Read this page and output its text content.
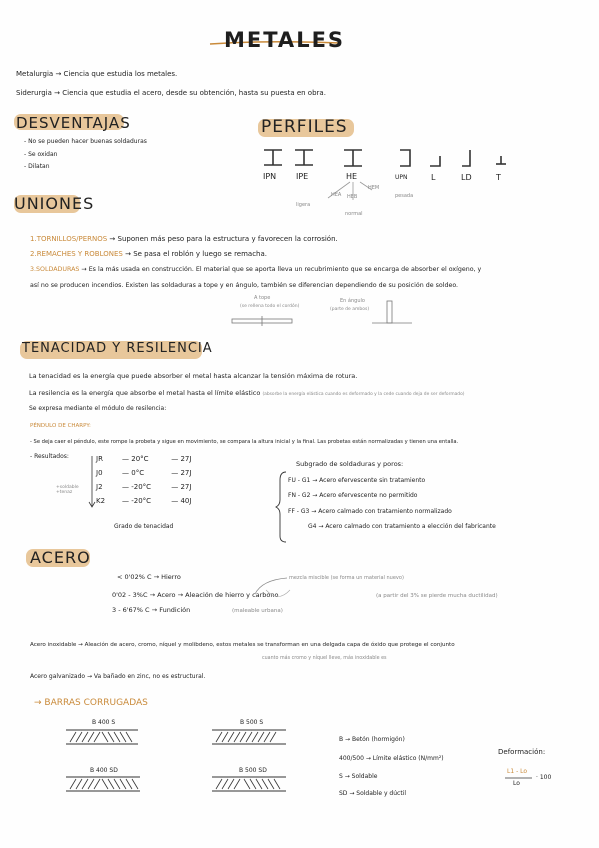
METALES
Metalurgia → Ciencia que estudia los metales.
Siderurgia → Ciencia que estudia el acero, desde su obtención, hasta su puesta en obra.
DESVENTAJAS
- No se pueden hacer buenas soldaduras
- Se oxidan
- Dilatan
PERFILES
IPN IPE	HE	UPN	L	LD	T
HEA HEB
HEM
ligera
normal
pesada
UNIONES
1.TORNILLOS/PERNOS → Suponen más peso para la estructura y favorecen la corrosión.
2.REMACHES Y ROBLONES → Se pasa el roblón y luego se remacha.
3.SOLDADURAS → Es la más usada en construcción. El material que se aporta lleva un recubrimiento que se encarga de absorber el oxígeno, y
así no se producen incendios. Existen las soldaduras a tope y en ángulo, también se diferencian dependiendo de su posición de soldeo.
A tope
(se rellena todo el cordón)
En ángulo
(parte de ambos)
TENACIDAD Y RESILENCIA
La tenacidad es la energía que puede absorber el metal hasta alcanzar la tensión máxima de rotura.
La resilencia es la energía que absorbe el metal hasta el límite elástico (absorbe la energía elástica cuando es deformado y la cede cuando deja de ser deformado)
Se expresa mediante el módulo de resilencia:
PÉNDULO DE CHARPY:
- Se deja caer el péndulo, este rompe la probeta y sigue en movimiento, se compara la altura inicial y la final. Las probetas están normalizadas y tienen una entalla.
- Resultados:
+soldable +tenaz
JR	— 20°C	— 27J
J0	— 0°C	— 27J
J2	— -20°C	— 27J
K2 — -20°C	— 40J
Grado de tenacidad
Subgrado de soldaduras y poros:
FU - G1 → Acero efervescente sin tratamiento
FN - G2 → Acero efervescente no permitido
FF - G3 → Acero calmado con tratamiento normalizado
G4 → Acero calmado con tratamiento a elección del fabricante
ACERO
< 0'02% C → Hierro	mezcla miscible (se forma un material nuevo)
0'02 - 3%C → Acero → Aleación de hierro y carbono	(a partir del 3% se pierde mucha ductilidad)
3 - 6'67% C → Fundición	(maleable urbana)
Acero inoxidable → Aleación de acero, cromo, níquel y molibdeno, estos metales se transforman en una delgada capa de óxido que protege el conjunto
cuanto más cromo y níquel lleve, más inoxidable es
Acero galvanizado → Va bañado en zinc, no es estructural.
→ BARRAS CORRUGADAS
B 400 S	B 500 S
B 400 SD	B 500 SD
B → Betón (hormigón)
400/500 → Límite elástico (N/mm²)
S → Soldable
SD → Soldable y dúctil
Deformación:
L1 - Lo
Lo
· 100
